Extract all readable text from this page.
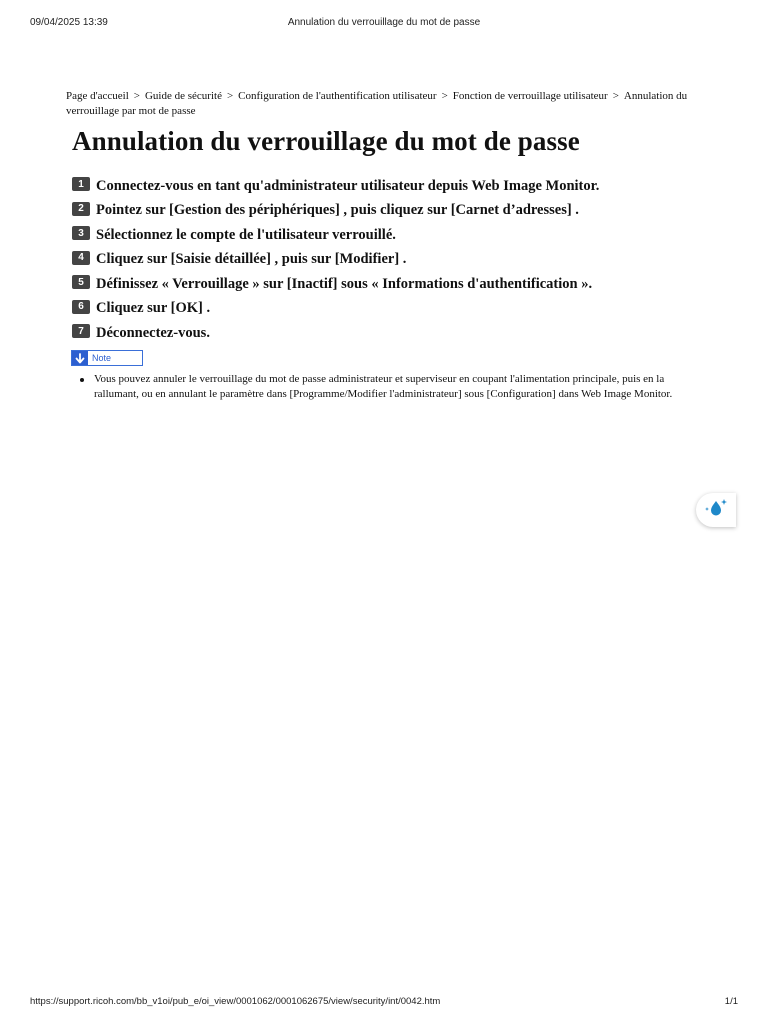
09/04/2025 13:39	Annulation du verrouillage du mot de passe
Page d'accueil > Guide de sécurité > Configuration de l'authentification utilisateur > Fonction de verrouillage utilisateur > Annulation du verrouillage par mot de passe
Annulation du verrouillage du mot de passe
1 Connectez-vous en tant qu'administrateur utilisateur depuis Web Image Monitor.
2 Pointez sur [Gestion des périphériques] , puis cliquez sur [Carnet d’adresses] .
3 Sélectionnez le compte de l'utilisateur verrouillé.
4 Cliquez sur [Saisie détaillée] , puis sur [Modifier] .
5 Définissez « Verrouillage » sur [Inactif] sous « Informations d'authentification ».
6 Cliquez sur [OK] .
7 Déconnectez-vous.
Note
Vous pouvez annuler le verrouillage du mot de passe administrateur et superviseur en coupant l'alimentation principale, puis en la rallumant, ou en annulant le paramètre dans [Programme/Modifier l'administrateur] sous [Configuration] dans Web Image Monitor.
https://support.ricoh.com/bb_v1oi/pub_e/oi_view/0001062/0001062675/view/security/int/0042.htm	1/1
